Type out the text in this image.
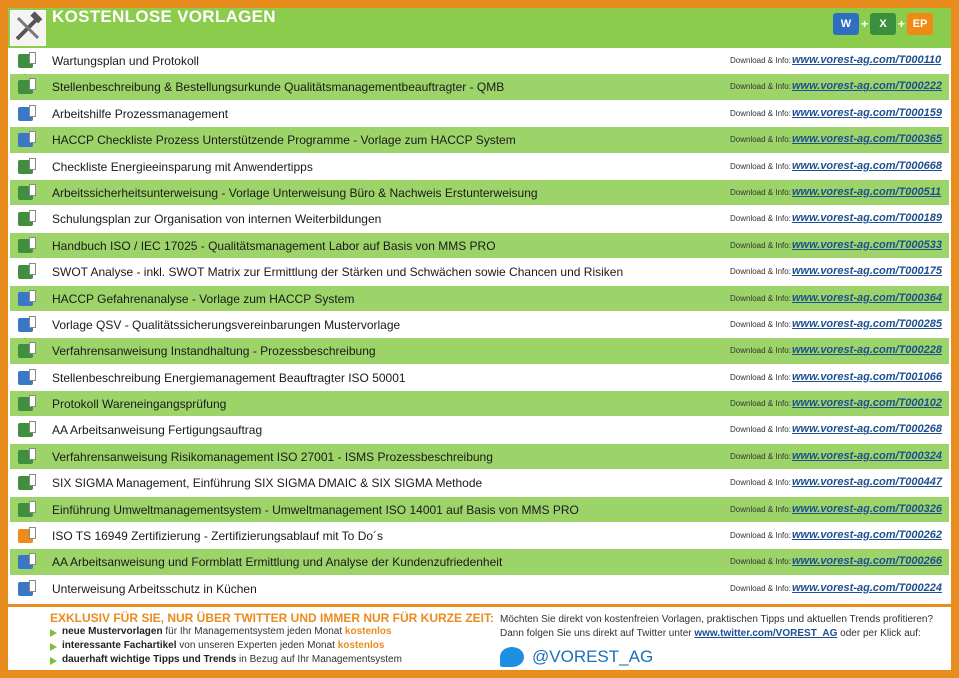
KOSTENLOSE VORLAGEN	W +	X + EP
Wartungsplan und Protokoll	Download & Info: www.vorest-ag.com/T000110
Stellenbeschreibung & Bestellungsurkunde Qualitätsmanagementbeauftragter - QMB	Download & Info: www.vorest-ag.com/T000222
Arbeitshilfe Prozessmanagement	Download & Info: www.vorest-ag.com/T000159
HACCP Checkliste Prozess Unterstützende Programme - Vorlage zum HACCP System	Download & Info: www.vorest-ag.com/T000365
Checkliste Energieeinsparung mit Anwendertipps	Download & Info: www.vorest-ag.com/T000668
Arbeitssicherheitsunterweisung - Vorlage Unterweisung Büro & Nachweis Erstunterweisung	Download & Info: www.vorest-ag.com/T000511
Schulungsplan zur Organisation von internen Weiterbildungen	Download & Info: www.vorest-ag.com/T000189
Handbuch ISO / IEC 17025 - Qualitätsmanagement Labor auf Basis von MMS PRO	Download & Info: www.vorest-ag.com/T000533
SWOT Analyse - inkl. SWOT Matrix zur Ermittlung der Stärken und Schwächen sowie Chancen und Risiken	Download & Info: www.vorest-ag.com/T000175
HACCP Gefahrenanalyse - Vorlage zum HACCP System	Download & Info: www.vorest-ag.com/T000364
Vorlage QSV - Qualitätssicherungsvereinbarungen Mustervorlage	Download & Info: www.vorest-ag.com/T000285
Verfahrensanweisung Instandhaltung - Prozessbeschreibung	Download & Info: www.vorest-ag.com/T000228
Stellenbeschreibung Energiemanagement Beauftragter ISO 50001	Download & Info: www.vorest-ag.com/T001066
Protokoll Wareneingangsprüfung	Download & Info: www.vorest-ag.com/T000102
AA Arbeitsanweisung Fertigungsauftrag	Download & Info: www.vorest-ag.com/T000268
Verfahrensanweisung Risikomanagement ISO 27001 - ISMS Prozessbeschreibung	Download & Info: www.vorest-ag.com/T000324
SIX SIGMA Management, Einführung SIX SIGMA DMAIC & SIX SIGMA Methode	Download & Info: www.vorest-ag.com/T000447
Einführung Umweltmanagementsystem - Umweltmanagement ISO 14001 auf Basis von MMS PRO	Download & Info: www.vorest-ag.com/T000326
ISO TS 16949 Zertifizierung - Zertifizierungsablauf mit To Do´s	Download & Info: www.vorest-ag.com/T000262
AA Arbeitsanweisung und Formblatt Ermittlung und Analyse der Kundenzufriedenheit	Download & Info: www.vorest-ag.com/T000266
Unterweisung Arbeitsschutz in Küchen	Download & Info: www.vorest-ag.com/T000224
EXKLUSIV FÜR SIE, NUR ÜBER TWITTER UND IMMER NUR FÜR KURZE ZEIT:
neue Mustervorlagen für Ihr Managementsystem jeden Monat kostenlos
interessante Fachartikel von unseren Experten jeden Monat kostenlos
dauerhaft wichtige Tipps und Trends in Bezug auf Ihr Managementsystem

Möchten Sie direkt von kostenfreien Vorlagen, praktischen Tipps und aktuellen Trends profitieren?

Dann folgen Sie uns direkt auf Twitter unter www.twitter.com/VOREST_AG oder per Klick auf:

@VOREST_AG
